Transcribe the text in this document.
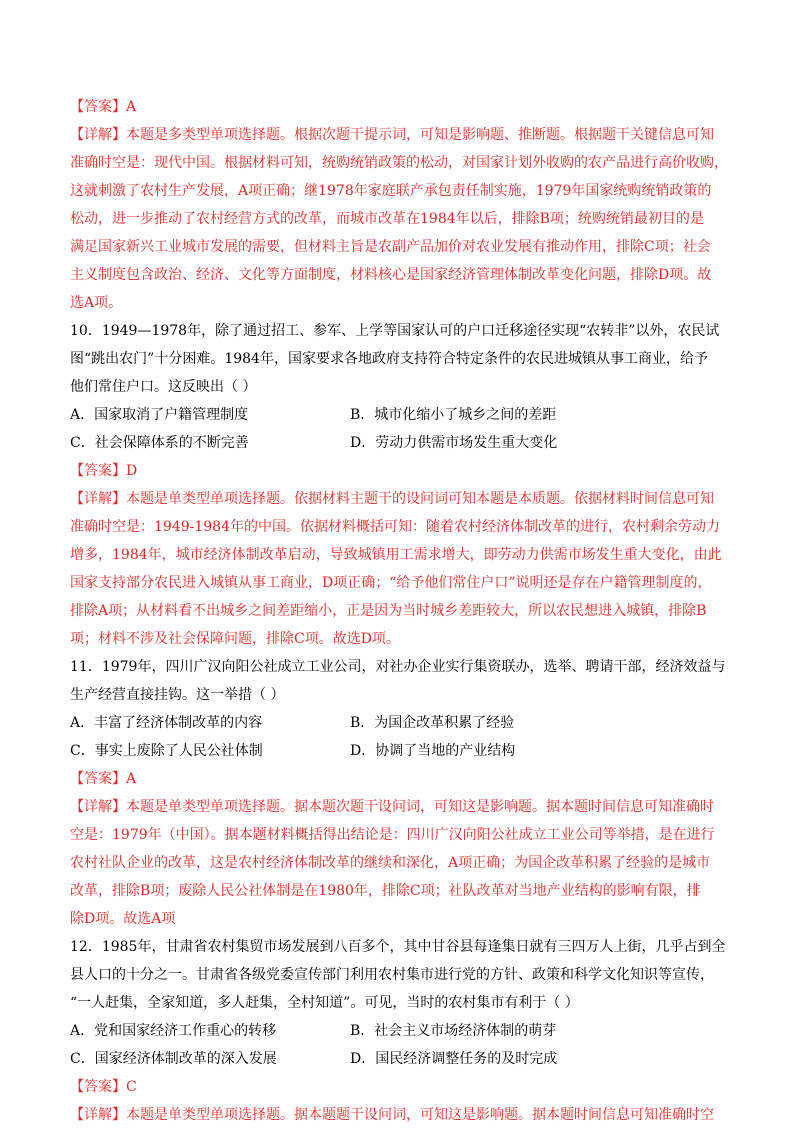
【答案】A
【详解】本题是多类型单项选择题。根据次题干提示词，可知是影响题、推断题。根据题干关键信息可知
准确时空是：现代中国。根据材料可知，统购统销政策的松动，对国家计划外收购的农产品进行高价收购，
这就刺激了农村生产发展，A项正确；继1978年家庭联产承包责任制实施，1979年国家统购统销政策的
松动，进一步推动了农村经营方式的改革，而城市改革在1984年以后，排除B项；统购统销最初目的是
满足国家新兴工业城市发展的需要，但材料主旨是农副产品加价对农业发展有推动作用，排除C项；社会
主义制度包含政治、经济、文化等方面制度，材料核心是国家经济管理体制改革变化问题，排除D项。故
选A项。
10．1949—1978年，除了通过招工、参军、上学等国家认可的户口迁移途径实现“农转非”以外，农民试
图“跳出农门”十分困难。1984年，国家要求各地政府支持符合特定条件的农民进城镇从事工商业，给予
他们常住户口。这反映出（ ）
A．国家取消了户籍管理制度	B．城市化缩小了城乡之间的差距
C．社会保障体系的不断完善	D．劳动力供需市场发生重大变化
【答案】D
【详解】本题是单类型单项选择题。依据材料主题干的设问词可知本题是本质题。依据材料时间信息可知
准确时空是：1949-1984年的中国。依据材料概括可知：随着农村经济体制改革的进行，农村剩余劳动力
增多，1984年，城市经济体制改革启动，导致城镇用工需求增大，即劳动力供需市场发生重大变化，由此
国家支持部分农民进入城镇从事工商业，D项正确；“给予他们常住户口”说明还是存在户籍管理制度的，
排除A项；从材料看不出城乡之间差距缩小，正是因为当时城乡差距较大，所以农民想进入城镇，排除B
项；材料不涉及社会保障问题，排除C项。故选D项。
11．1979年，四川广汉向阳公社成立工业公司，对社办企业实行集资联办，选举、聘请干部，经济效益与
生产经营直接挂钩。这一举措（ ）
A．丰富了经济体制改革的内容	B．为国企改革积累了经验
C．事实上废除了人民公社体制	D．协调了当地的产业结构
【答案】A
【详解】本题是单类型单项选择题。据本题次题干设问词，可知这是影响题。据本题时间信息可知准确时
空是：1979年（中国）。据本题材料概括得出结论是：四川广汉向阳公社成立工业公司等举措，是在进行
农村社队企业的改革，这是农村经济体制改革的继续和深化，A项正确；为国企改革积累了经验的是城市
改革，排除B项；废除人民公社体制是在1980年，排除C项；社队改革对当地产业结构的影响有限，排
除D项。故选A项
12．1985年，甘肃省农村集贸市场发展到八百多个，其中甘谷县每逢集日就有三四万人上街，几乎占到全
县人口的十分之一。甘肃省各级党委宣传部门利用农村集市进行党的方针、政策和科学文化知识等宣传，
“一人赶集，全家知道，多人赶集，全村知道”。可见，当时的农村集市有利于（ ）
A．党和国家经济工作重心的转移	B．社会主义市场经济体制的萌芽
C．国家经济体制改革的深入发展	D．国民经济调整任务的及时完成
【答案】C
【详解】本题是单类型单项选择题。据本题题干设问词，可知这是影响题。据本题时间信息可知准确时空
